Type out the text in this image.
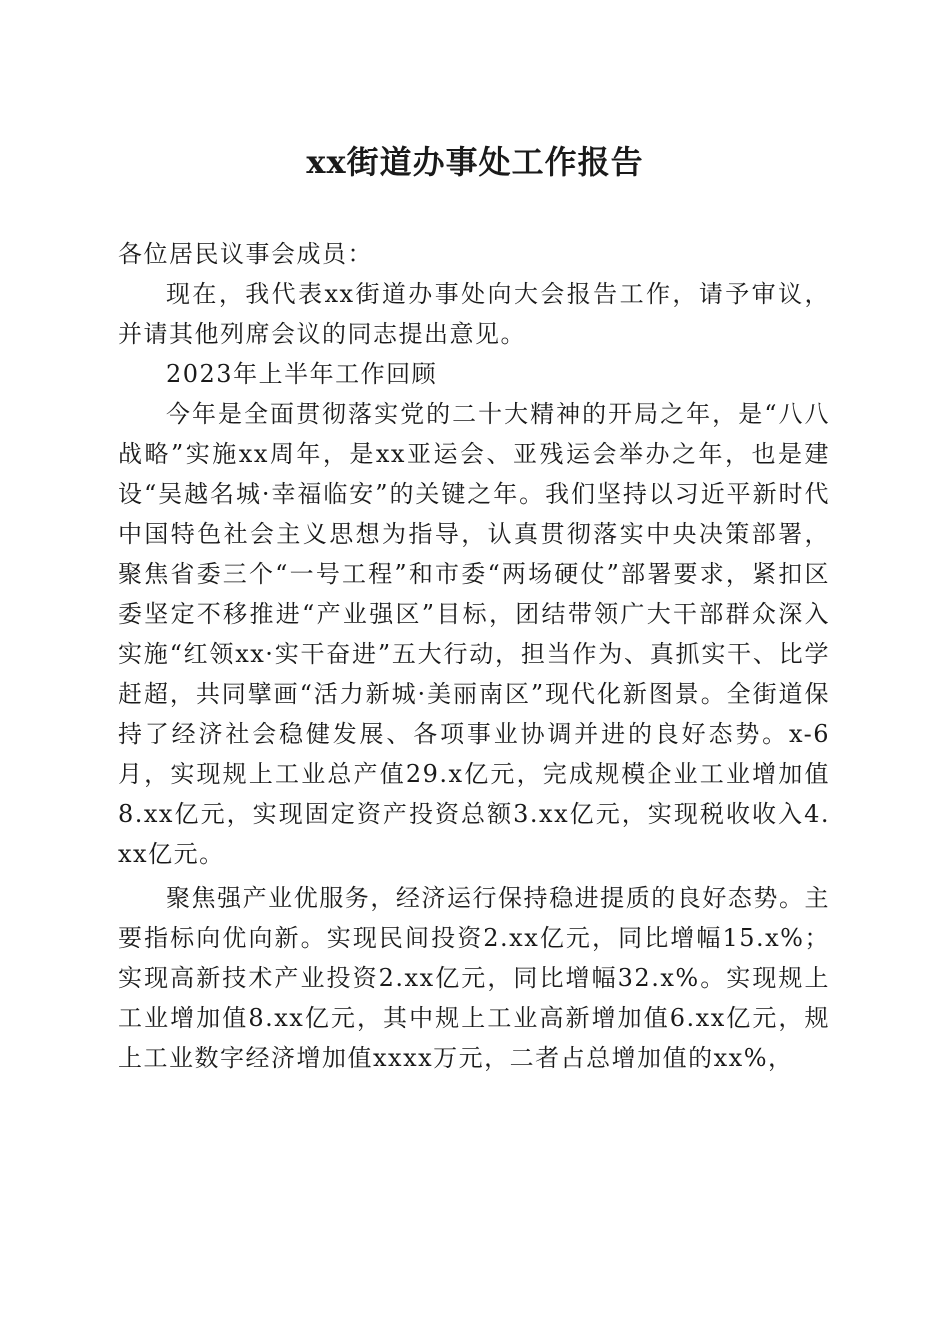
xx街道办事处工作报告

各位居民议事会成员：

现在，我代表xx街道办事处向大会报告工作，请予审议，并请其他列席会议的同志提出意见。

2023年上半年工作回顾

今年是全面贯彻落实党的二十大精神的开局之年，是“八八战略”实施xx周年，是xx亚运会、亚残运会举办之年，也是建设“吴越名城·幸福临安”的关键之年。我们坚持以习近平新时代中国特色社会主义思想为指导，认真贯彻落实中央决策部署，聚焦省委三个“一号工程”和市委“两场硬仗”部署要求，紧扣区委坚定不移推进“产业强区”目标，团结带领广大干部群众深入实施“红领xx·实干奋进”五大行动，担当作为、真抓实干、比学赶超，共同擘画“活力新城·美丽南区”现代化新图景。全街道保持了经济社会稳健发展、各项事业协调并进的良好态势。x-6月，实现规上工业总产值29.x亿元，完成规模企业工业增加值8.xx亿元，实现固定资产投资总额3.xx亿元，实现税收收入4.xx亿元。

聚焦强产业优服务，经济运行保持稳进提质的良好态势。主要指标向优向新。实现民间投资2.xx亿元，同比增幅15.x%；实现高新技术产业投资2.xx亿元，同比增幅32.x%。实现规上工业增加值8.xx亿元，其中规上工业高新增加值6.xx亿元，规上工业数字经济增加值xxxx万元，二者占总增加值的xx%，
